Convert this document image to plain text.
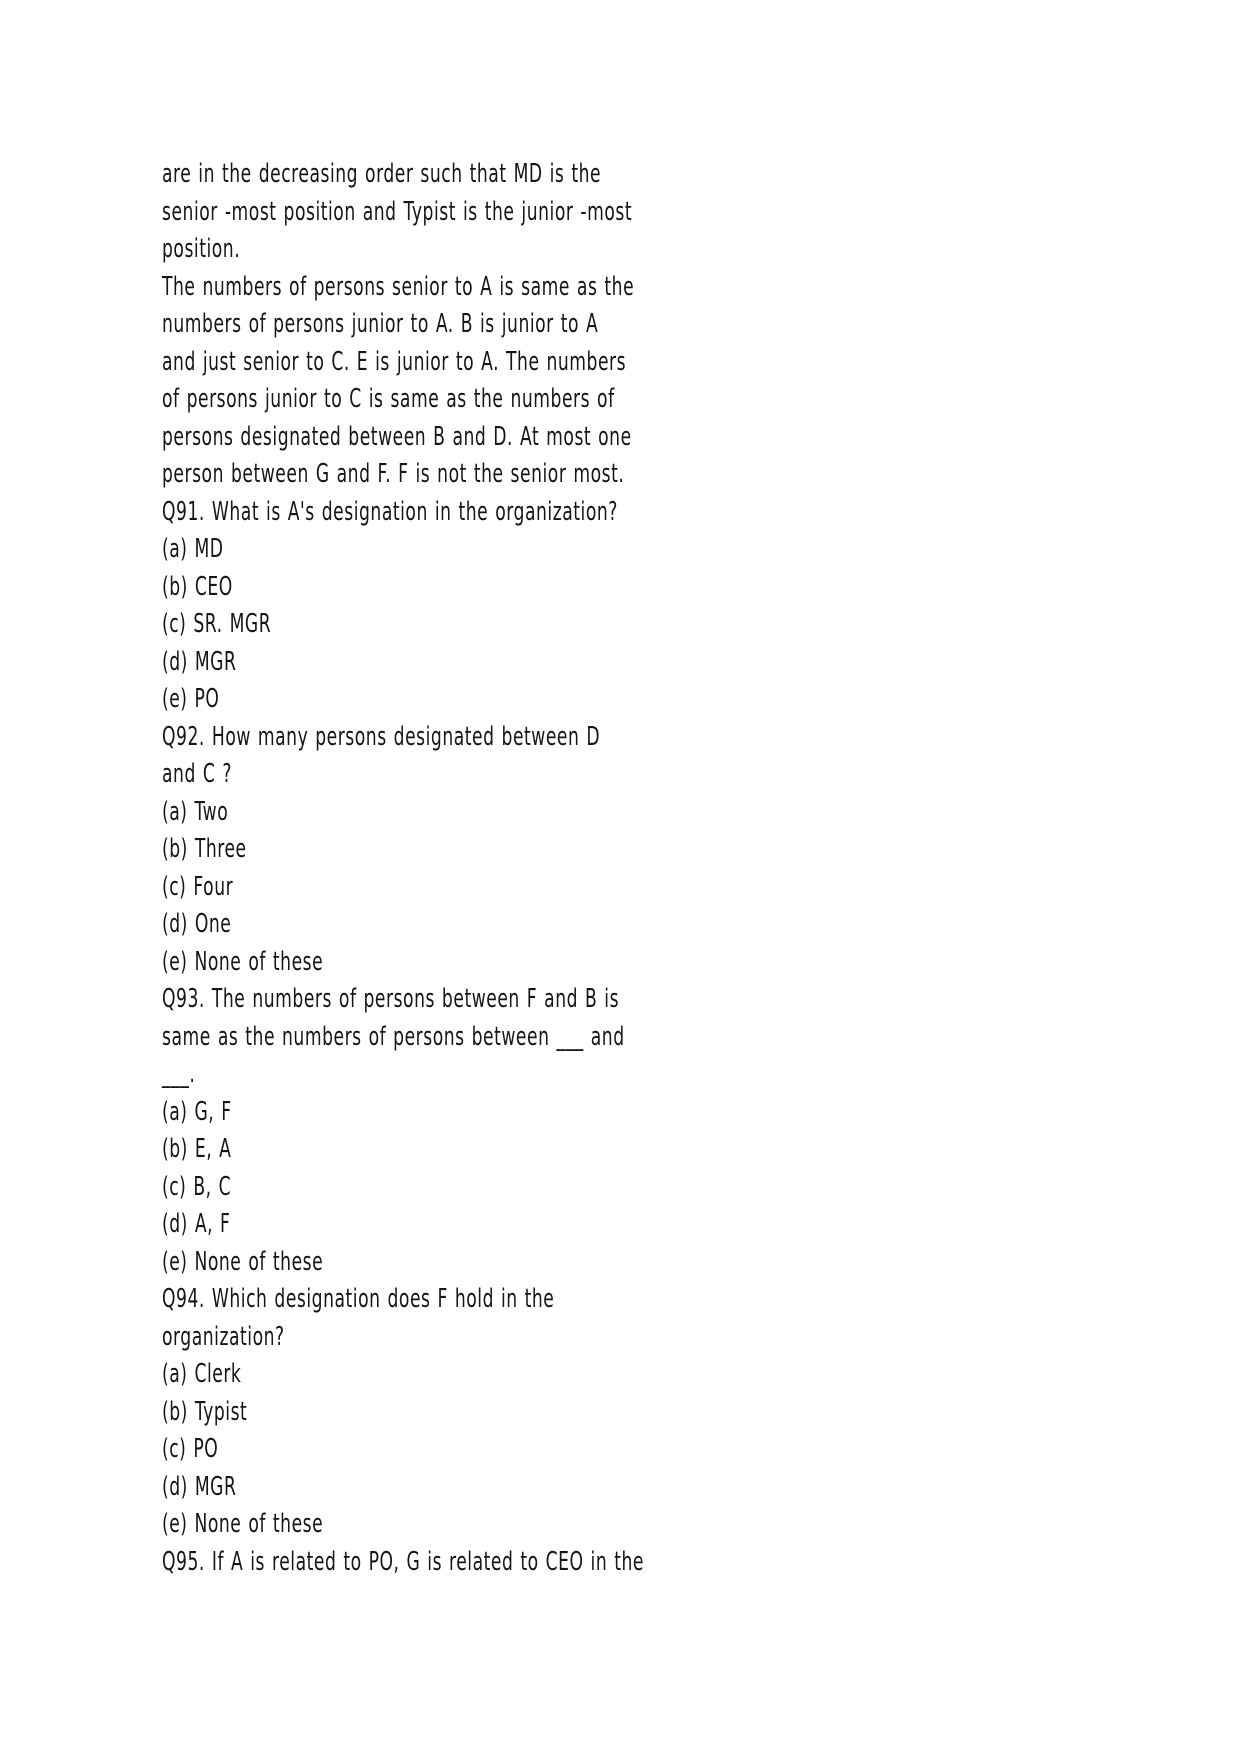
are in the decreasing order such that MD is the
senior -most position and Typist is the junior -most
position.
The numbers of persons senior to A is same as the
numbers of persons junior to A. B is junior to A
and just senior to C. E is junior to A. The numbers
of persons junior to C is same as the numbers of
persons designated between B and D. At most one
person between G and F. F is not the senior most.
Q91. What is A's designation in the organization?
(a) MD
(b) CEO
(c) SR. MGR
(d) MGR
(e) PO
Q92. How many persons designated between D
and C ?
(a) Two
(b) Three
(c) Four
(d) One
(e) None of these
Q93. The numbers of persons between F and B is
same as the numbers of persons between ___ and
___.
(a) G, F
(b) E, A
(c) B, C
(d) A, F
(e) None of these
Q94. Which designation does F hold in the
organization?
(a) Clerk
(b) Typist
(c) PO
(d) MGR
(e) None of these
Q95. If A is related to PO, G is related to CEO in the
